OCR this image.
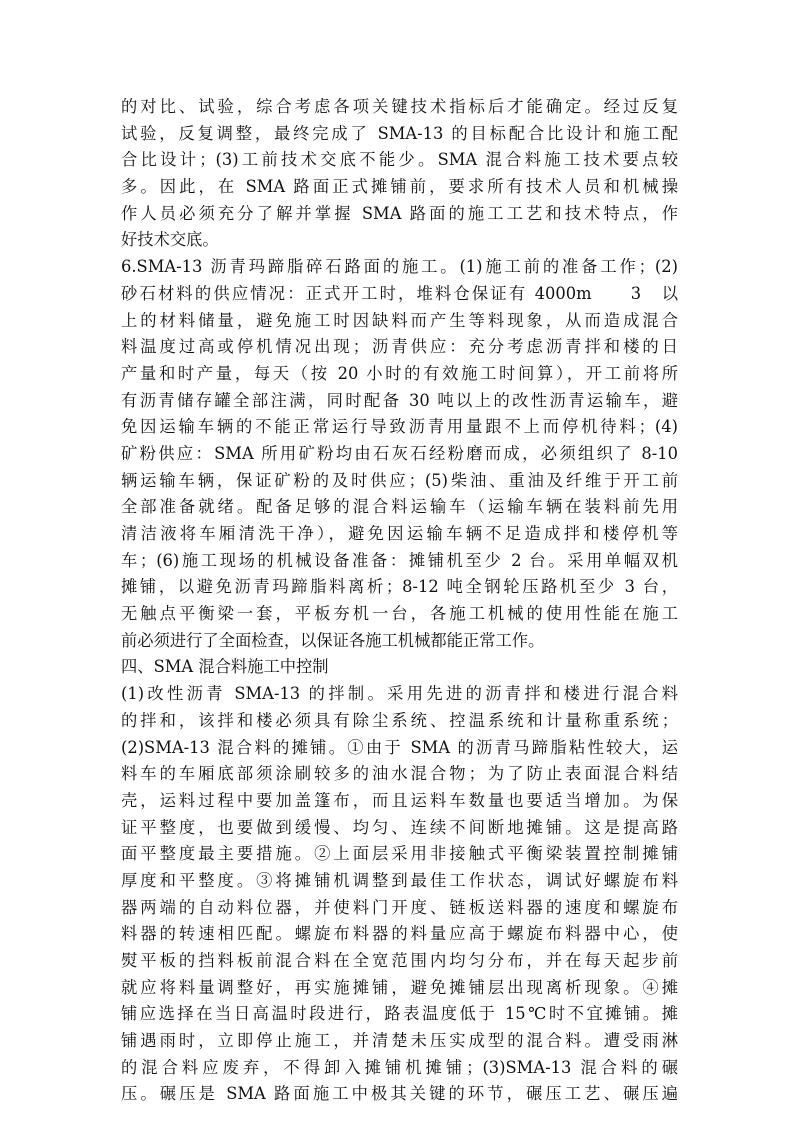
的对比、试验，综合考虑各项关键技术指标后才能确定。经过反复
试验，反复调整，最终完成了 SMA-13 的目标配合比设计和施工配
合比设计；(3)工前技术交底不能少。SMA 混合料施工技术要点较
多。因此，在 SMA 路面正式摊铺前，要求所有技术人员和机械操
作人员必须充分了解并掌握 SMA 路面的施工工艺和技术特点，作
好技术交底。
6.SMA-13 沥青玛蹄脂碎石路面的施工。(1)施工前的准备工作；(2)
砂石材料的供应情况：正式开工时，堆料仓保证有 4000m　　3　以
上的材料储量，避免施工时因缺料而产生等料现象，从而造成混合
料温度过高或停机情况出现；沥青供应：充分考虑沥青拌和楼的日
产量和时产量，每天（按 20 小时的有效施工时间算），开工前将所
有沥青储存罐全部注满，同时配备 30 吨以上的改性沥青运输车，避
免因运输车辆的不能正常运行导致沥青用量跟不上而停机待料；(4)
矿粉供应：SMA 所用矿粉均由石灰石经粉磨而成，必须组织了 8-10
辆运输车辆，保证矿粉的及时供应；(5)柴油、重油及纤维于开工前
全部准备就绪。配备足够的混合料运输车（运输车辆在装料前先用
清洁液将车厢清洗干净），避免因运输车辆不足造成拌和楼停机等
车；(6)施工现场的机械设备准备：摊铺机至少 2 台。采用单幅双机
摊铺，以避免沥青玛蹄脂料离析；8-12 吨全钢轮压路机至少 3 台，
无触点平衡梁一套，平板夯机一台，各施工机械的使用性能在施工
前必须进行了全面检查，以保证各施工机械都能正常工作。
四、SMA 混合料施工中控制
(1)改性沥青 SMA-13 的拌制。采用先进的沥青拌和楼进行混合料
的拌和，该拌和楼必须具有除尘系统、控温系统和计量称重系统；
(2)SMA-13 混合料的摊铺。①由于 SMA 的沥青马蹄脂粘性较大，运
料车的车厢底部须涂刷较多的油水混合物；为了防止表面混合料结
壳，运料过程中要加盖篷布，而且运料车数量也要适当增加。为保
证平整度，也要做到缓慢、均匀、连续不间断地摊铺。这是提高路
面平整度最主要措施。②上面层采用非接触式平衡梁装置控制摊铺
厚度和平整度。③将摊铺机调整到最佳工作状态，调试好螺旋布料
器两端的自动料位器，并使料门开度、链板送料器的速度和螺旋布
料器的转速相匹配。螺旋布料器的料量应高于螺旋布料器中心，使
熨平板的挡料板前混合料在全宽范围内均匀分布，并在每天起步前
就应将料量调整好，再实施摊铺，避免摊铺层出现离析现象。④摊
铺应选择在当日高温时段进行，路表温度低于 15℃时不宜摊铺。摊
铺遇雨时，立即停止施工，并清楚未压实成型的混合料。遭受雨淋
的混合料应废弃，不得卸入摊铺机摊铺；(3)SMA-13 混合料的碾
压。碾压是 SMA 路面施工中极其关键的环节，碾压工艺、碾压遍
